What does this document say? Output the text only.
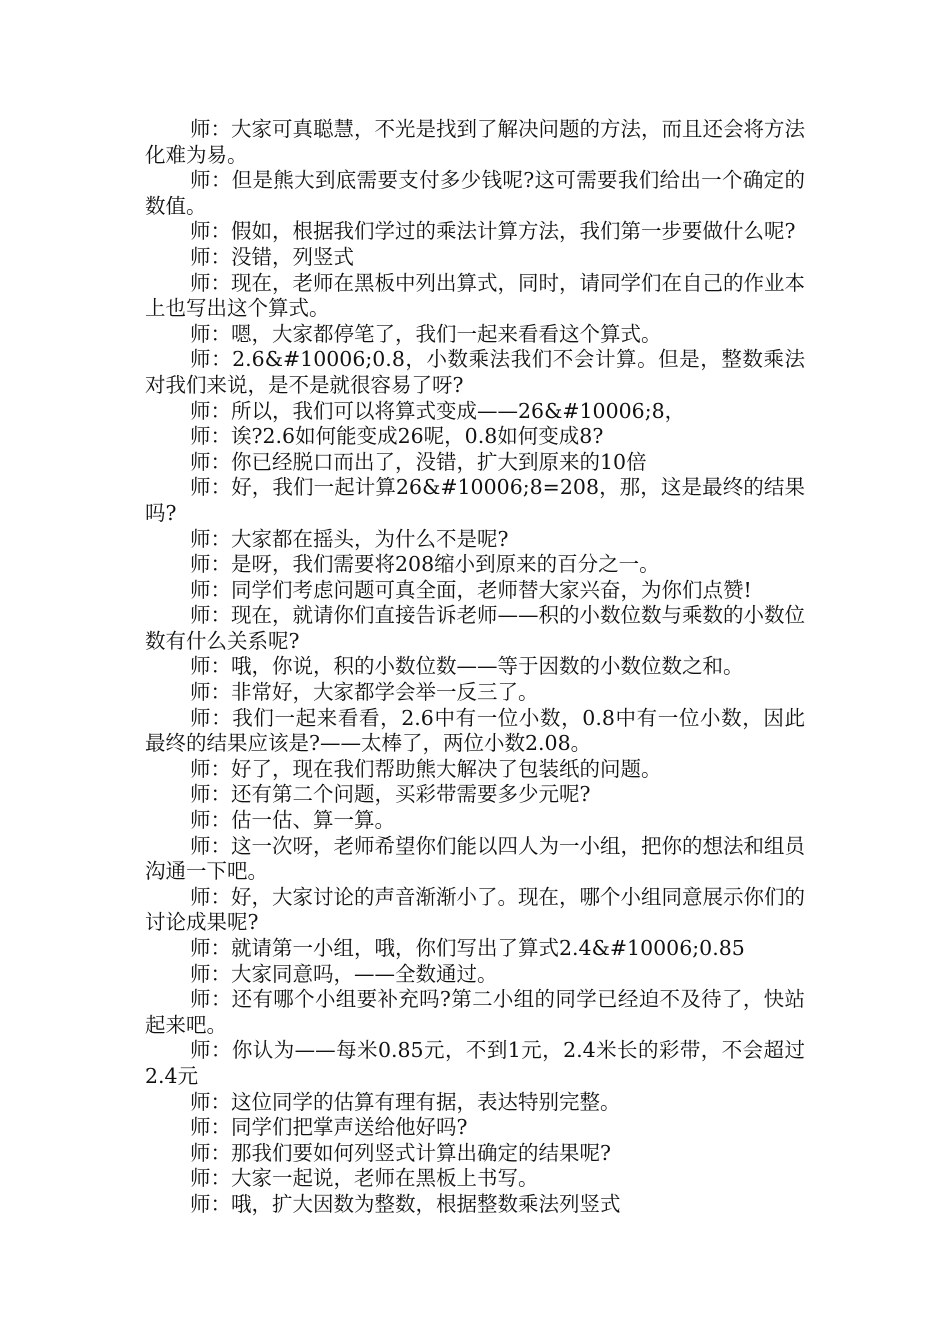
师：大家可真聪慧，不光是找到了解决问题的方法，而且还会将方法化难为易。

师：但是熊大到底需要支付多少钱呢?这可需要我们给出一个确定的数值。

师：假如，根据我们学过的乘法计算方法，我们第一步要做什么呢?

师：没错，列竖式

师：现在，老师在黑板中列出算式，同时，请同学们在自己的作业本上也写出这个算式。

师：嗯，大家都停笔了，我们一起来看看这个算式。

师：2.6&#10006;0.8，小数乘法我们不会计算。但是，整数乘法对我们来说，是不是就很容易了呀?

师：所以，我们可以将算式变成——26&#10006;8，

师：诶?2.6如何能变成26呢，0.8如何变成8?

师：你已经脱口而出了，没错，扩大到原来的10倍

师：好，我们一起计算26&#10006;8=208，那，这是最终的结果吗?

师：大家都在摇头，为什么不是呢?

师：是呀，我们需要将208缩小到原来的百分之一。

师：同学们考虑问题可真全面，老师替大家兴奋，为你们点赞!

师：现在，就请你们直接告诉老师——积的小数位数与乘数的小数位数有什么关系呢?

师：哦，你说，积的小数位数——等于因数的小数位数之和。

师：非常好，大家都学会举一反三了。

师：我们一起来看看，2.6中有一位小数，0.8中有一位小数，因此最终的结果应该是?——太棒了，两位小数2.08。

师：好了，现在我们帮助熊大解决了包装纸的问题。

师：还有第二个问题，买彩带需要多少元呢?

师：估一估、算一算。

师：这一次呀，老师希望你们能以四人为一小组，把你的想法和组员沟通一下吧。

师：好，大家讨论的声音渐渐小了。现在，哪个小组同意展示你们的讨论成果呢?

师：就请第一小组，哦，你们写出了算式2.4&#10006;0.85

师：大家同意吗，——全数通过。

师：还有哪个小组要补充吗?第二小组的同学已经迫不及待了，快站起来吧。

师：你认为——每米0.85元，不到1元，2.4米长的彩带，不会超过2.4元

师：这位同学的估算有理有据，表达特别完整。

师：同学们把掌声送给他好吗?

师：那我们要如何列竖式计算出确定的结果呢?

师：大家一起说，老师在黑板上书写。

师：哦，扩大因数为整数，根据整数乘法列竖式
